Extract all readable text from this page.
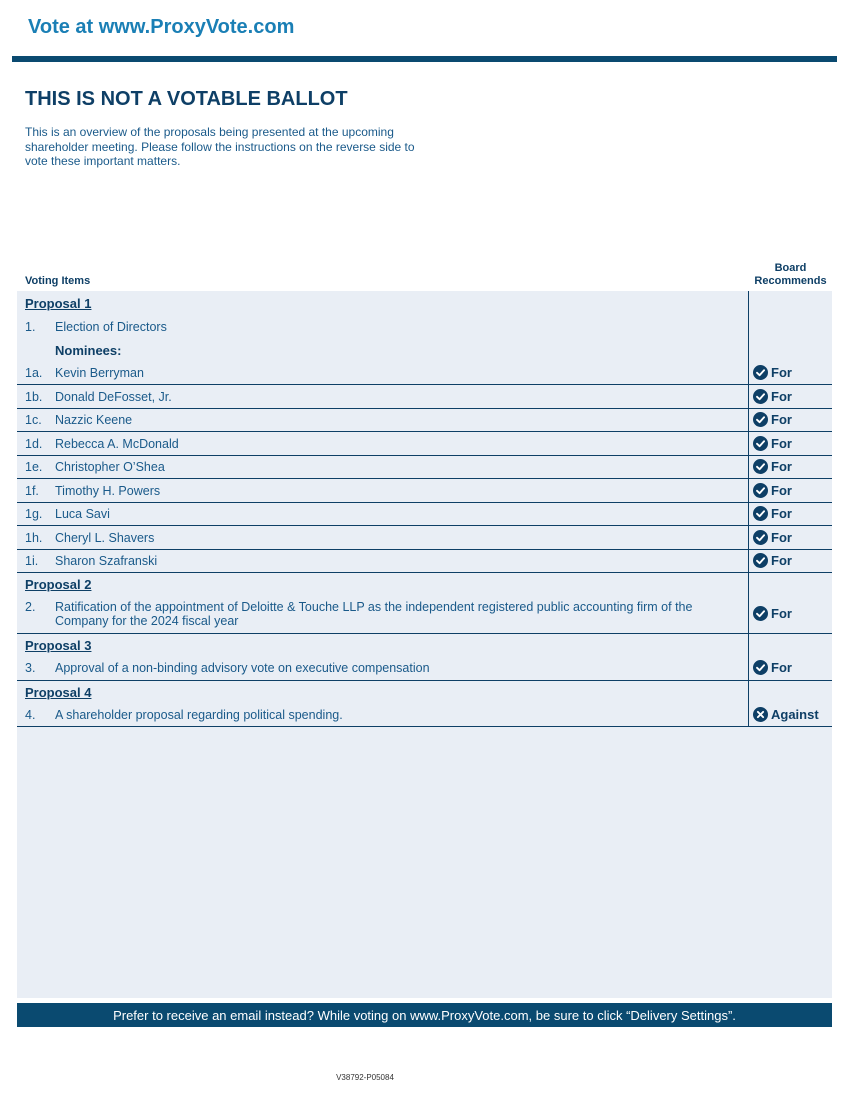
Vote at www.ProxyVote.com
THIS IS NOT A VOTABLE BALLOT
This is an overview of the proposals being presented at the upcoming shareholder meeting. Please follow the instructions on the reverse side to vote these important matters.
Voting Items
Board
Recommends
Proposal 1
1. Election of Directors
Nominees:
1a. Kevin Berryman	For
1b. Donald DeFosset, Jr.	For
1c. Nazzic Keene	For
1d. Rebecca A. McDonald	For
1e. Christopher O’Shea	For
1f. Timothy H. Powers	For
1g. Luca Savi	For
1h. Cheryl L. Shavers	For
1i. Sharon Szafranski	For
Proposal 2
2. Ratification of the appointment of Deloitte & Touche LLP as the independent registered public accounting firm of the
Company for the 2024 fiscal year	For
Proposal 3
3. Approval of a non-binding advisory vote on executive compensation	For
Proposal 4
4. A shareholder proposal regarding political spending.	Against
Prefer to receive an email instead? While voting on www.ProxyVote.com, be sure to click “Delivery Settings”.
V38792-P05084
